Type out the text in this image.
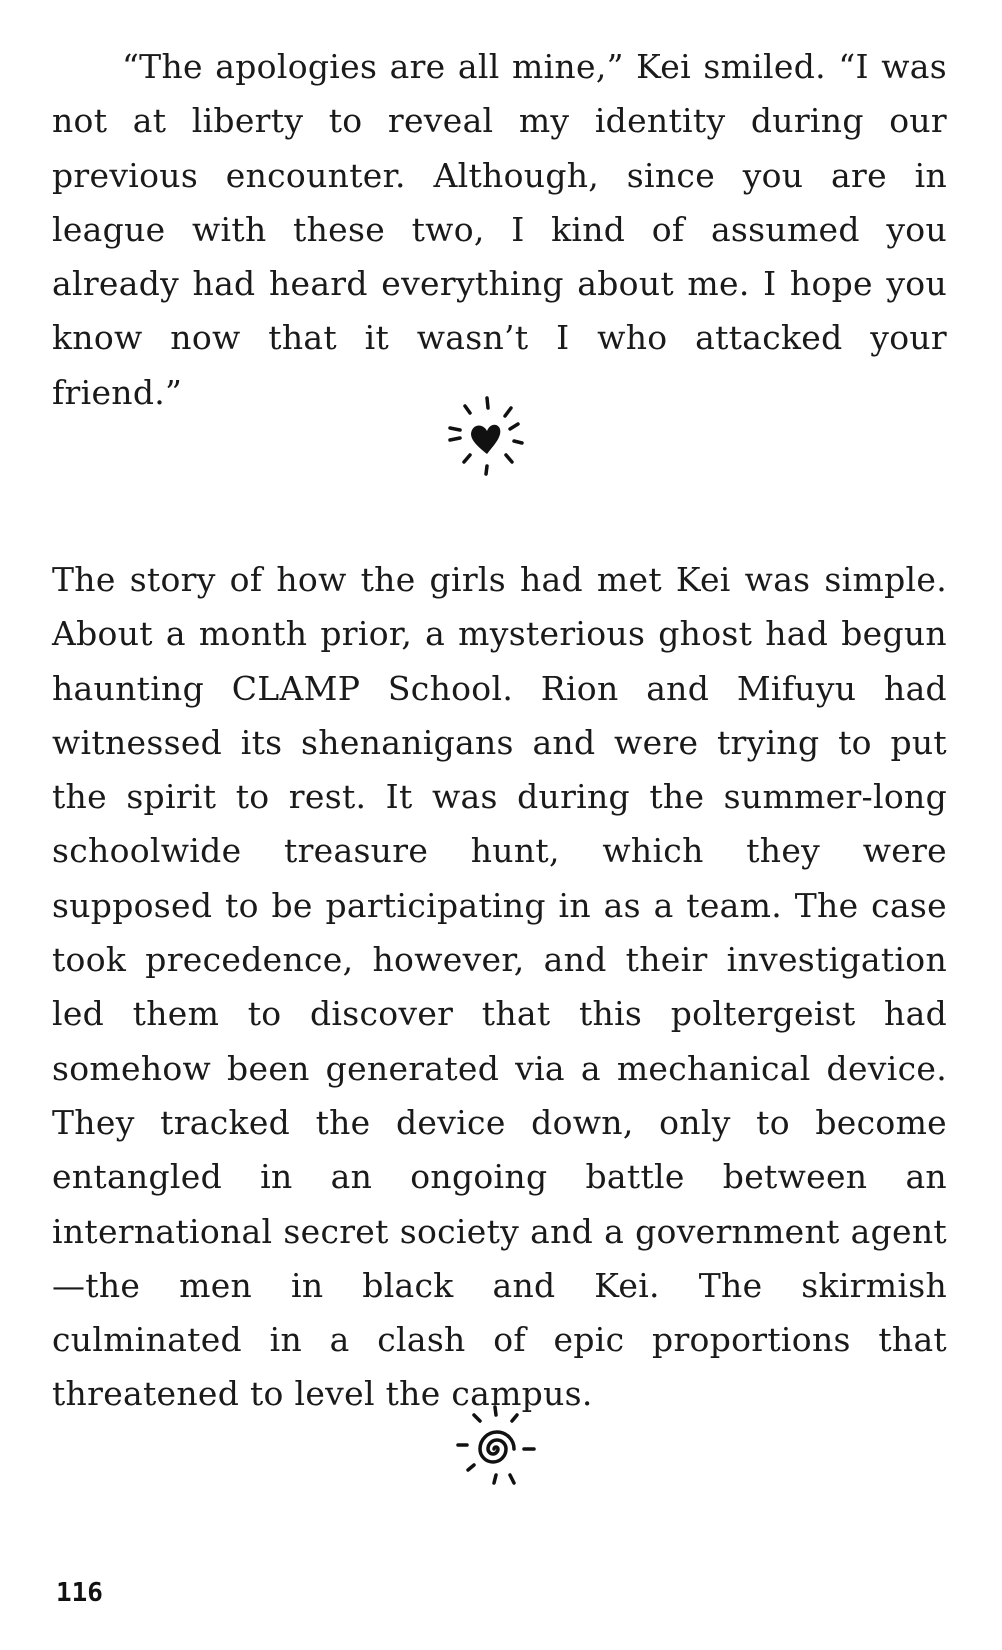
“The apologies are all mine,” Kei smiled. “I was not at liberty to reveal my identity during our previous encounter. Although, since you are in league with these two, I kind of assumed you already had heard everything about me. I hope you know now that it wasn’t I who attacked your friend.”

The story of how the girls had met Kei was simple. About a month prior, a mysterious ghost had begun haunting CLAMP School. Rion and Mifuyu had witnessed its shenanigans and were trying to put the spirit to rest. It was during the summer-long schoolwide treasure hunt, which they were supposed to be participating in as a team. The case took precedence, however, and their investigation led them to discover that this poltergeist had somehow been generated via a mechanical device. They tracked the device down, only to become entangled in an ongoing battle between an international secret society and a government agent—the men in black and Kei. The skirmish culminated in a clash of epic proportions that threatened to level the campus.

116
